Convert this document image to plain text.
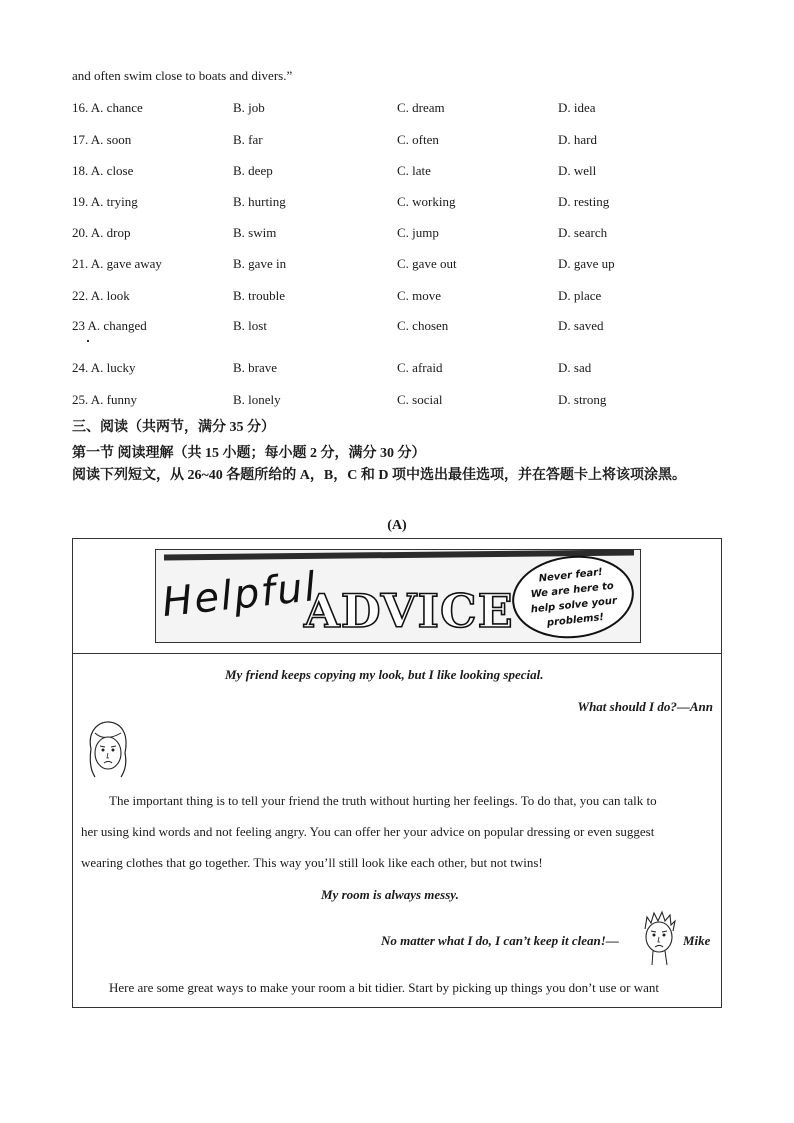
and often swim close to boats and divers.”
16. A. chance	B. job	C. dream	D. idea
17. A. soon	B. far	C. often	D. hard
18. A. close	B. deep	C. late	D. well
19. A. trying	B. hurting	C. working	D. resting
20. A. drop	B. swim	C. jump	D. search
21. A. gave away	B. gave in	C. gave out	D. gave up
22. A. look	B. trouble	C. move	D. place
23 A. changed	B. lost	C. chosen	D. saved
24. A. lucky	B. brave	C. afraid	D. sad
25. A. funny	B. lonely	C. social	D. strong
三、阅读（共两节，满分 35 分）
第一节 阅读理解（共 15 小题；每小题 2 分，满分 30 分）
阅读下列短文，从 26~40 各题所给的 A，B，C 和 D 项中选出最佳选项，并在答题卡上将该项涂黑。
(A)
Helpful
ADVICE
Never fear!
We are here to
help solve your
problems!
My friend keeps copying my look, but I like looking special.
What should I do?—Ann
The important thing is to tell your friend the truth without hurting her feelings. To do that, you can talk to
her using kind words and not feeling angry. You can offer her your advice on popular dressing or even suggest
wearing clothes that go together. This way you’ll still look like each other, but not twins!
My room is always messy.
No matter what I do, I can’t keep it clean!—	Mike
Here are some great ways to make your room a bit tidier. Start by picking up things you don’t use or want
